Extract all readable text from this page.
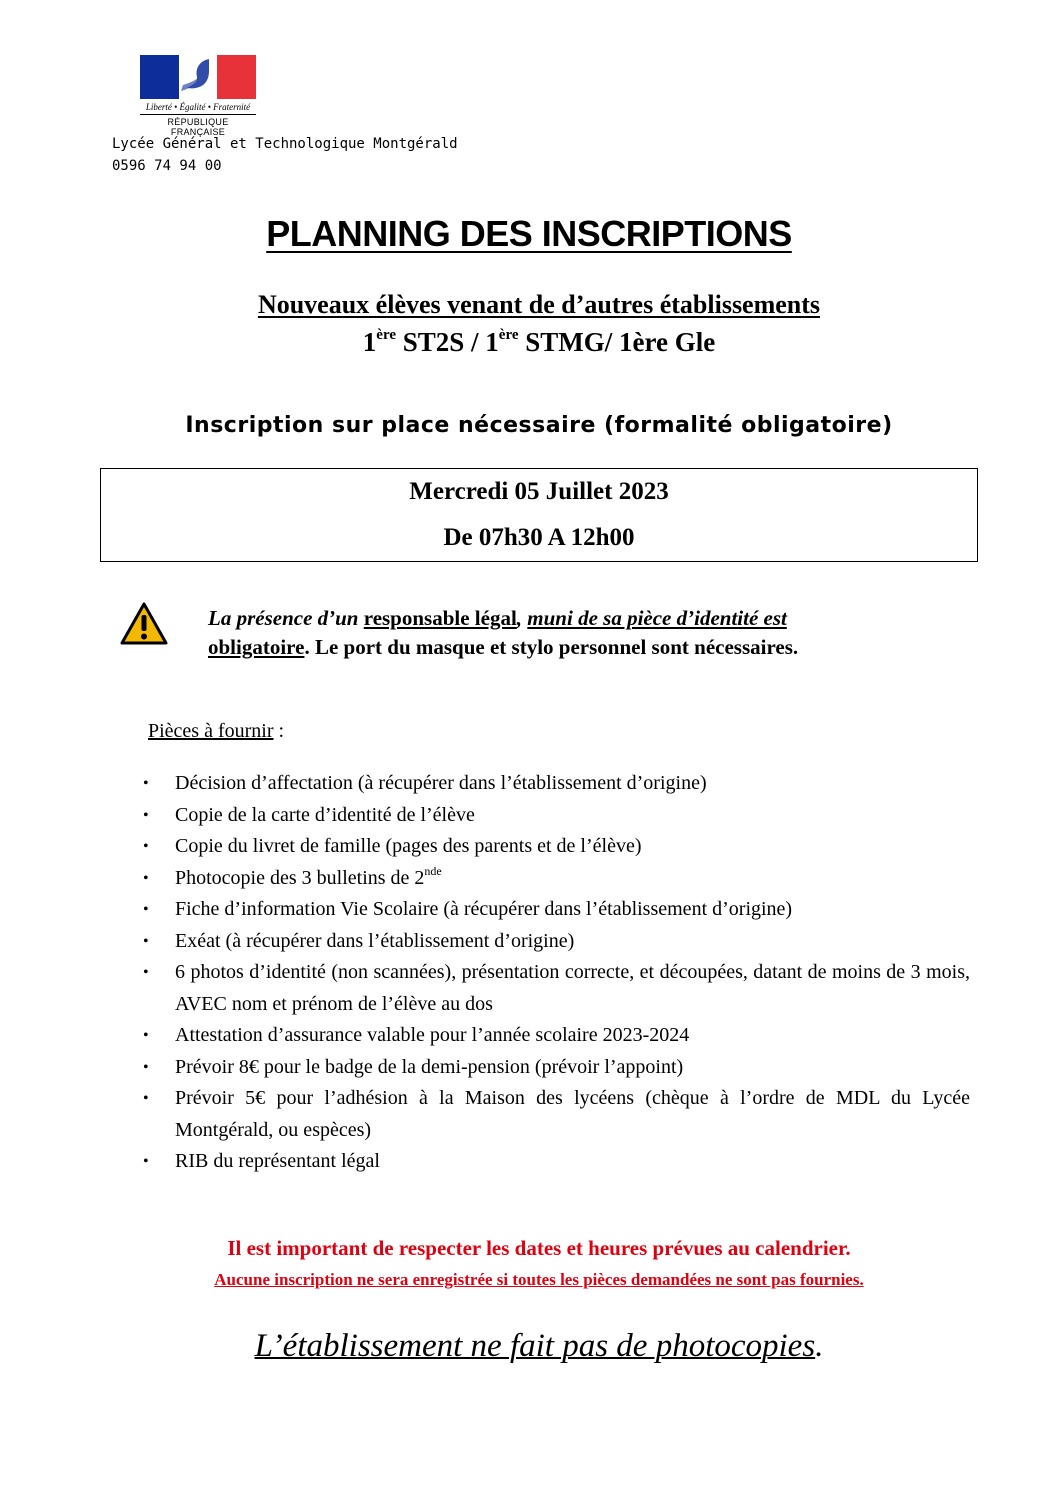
Liberté • Égalité • Fraternité
RÉPUBLIQUE FRANÇAISE
Lycée Général et Technologique Montgérald
0596 74 94 00
PLANNING DES INSCRIPTIONS
Nouveaux élèves venant de d’autres établissements
1ère ST2S / 1ère STMG/ 1ère Gle
Inscription sur place nécessaire (formalité obligatoire)
Mercredi 05 Juillet 2023
De 07h30 A 12h00
La présence d’un responsable légal, muni de sa pièce d’identité est
obligatoire. Le port du masque et stylo personnel sont nécessaires.
Pièces à fournir :
• Décision d’affectation (à récupérer dans l’établissement d’origine)
• Copie de la carte d’identité de l’élève
• Copie du livret de famille (pages des parents et de l’élève)
• Photocopie des 3 bulletins de 2nde
• Fiche d’information Vie Scolaire (à récupérer dans l’établissement d’origine)
• Exéat (à récupérer dans l’établissement d’origine)
• 6 photos d’identité (non scannées), présentation correcte, et découpées, datant de moins de 3 mois, AVEC nom et prénom de l’élève au dos
• Attestation d’assurance valable pour l’année scolaire 2023-2024
• Prévoir 8€ pour le badge de la demi-pension (prévoir l’appoint)
• Prévoir 5€ pour l’adhésion à la Maison des lycéens (chèque à l’ordre de MDL du Lycée Montgérald, ou espèces)
• RIB du représentant légal
Il est important de respecter les dates et heures prévues au calendrier.
Aucune inscription ne sera enregistrée si toutes les pièces demandées ne sont pas fournies.
L’établissement ne fait pas de photocopies.
